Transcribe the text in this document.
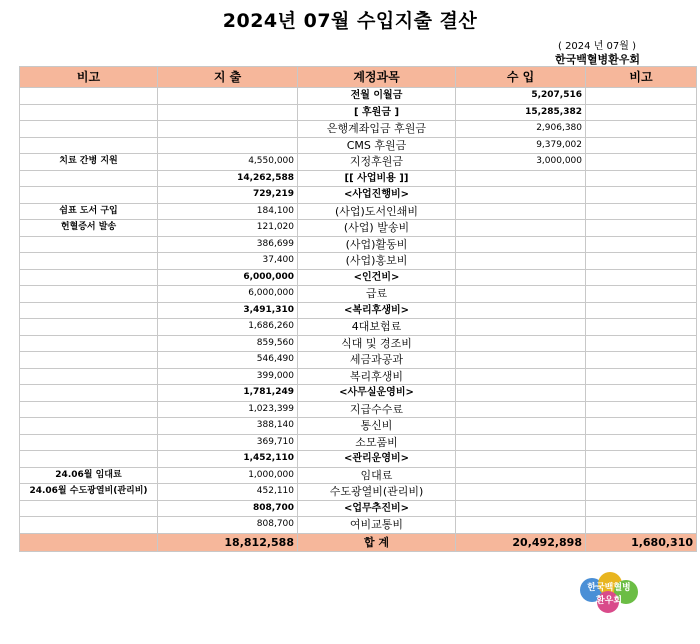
2024년 07월 수입지출 결산
( 2024 년 07월 )
한국백혈병환우회
비고	지 출	계정과목	수 입	비고
		전월 이월금	5,207,516	
		[ 후원금 ]	15,285,382	
		은행계좌입금 후원금	2,906,380	
		CMS 후원금	9,379,002	
치료 간병 지원	4,550,000	지정후원금	3,000,000	
	14,262,588	[[ 사업비용 ]]		
	729,219	<사업진행비>		
쉼표 도서 구입	184,100	(사업)도서인쇄비		
헌혈증서 발송	121,020	(사업) 발송비		
	386,699	(사업)활동비		
	37,400	(사업)홍보비		
	6,000,000	<인건비>		
	6,000,000	급료		
	3,491,310	<복리후생비>		
	1,686,260	4대보험료		
	859,560	식대 및 경조비		
	546,490	세금과공과		
	399,000	복리후생비		
	1,781,249	<사무실운영비>		
	1,023,399	지급수수료		
	388,140	통신비		
	369,710	소모품비		
	1,452,110	<관리운영비>		
24.06월 임대료	1,000,000	임대료		
24.06월 수도광열비(관리비)	452,110	수도광열비(관리비)		
	808,700	<업무추진비>		
	808,700	여비교통비		
	18,812,588	합 계	20,492,898	1,680,310
한국백혈병
환우회
